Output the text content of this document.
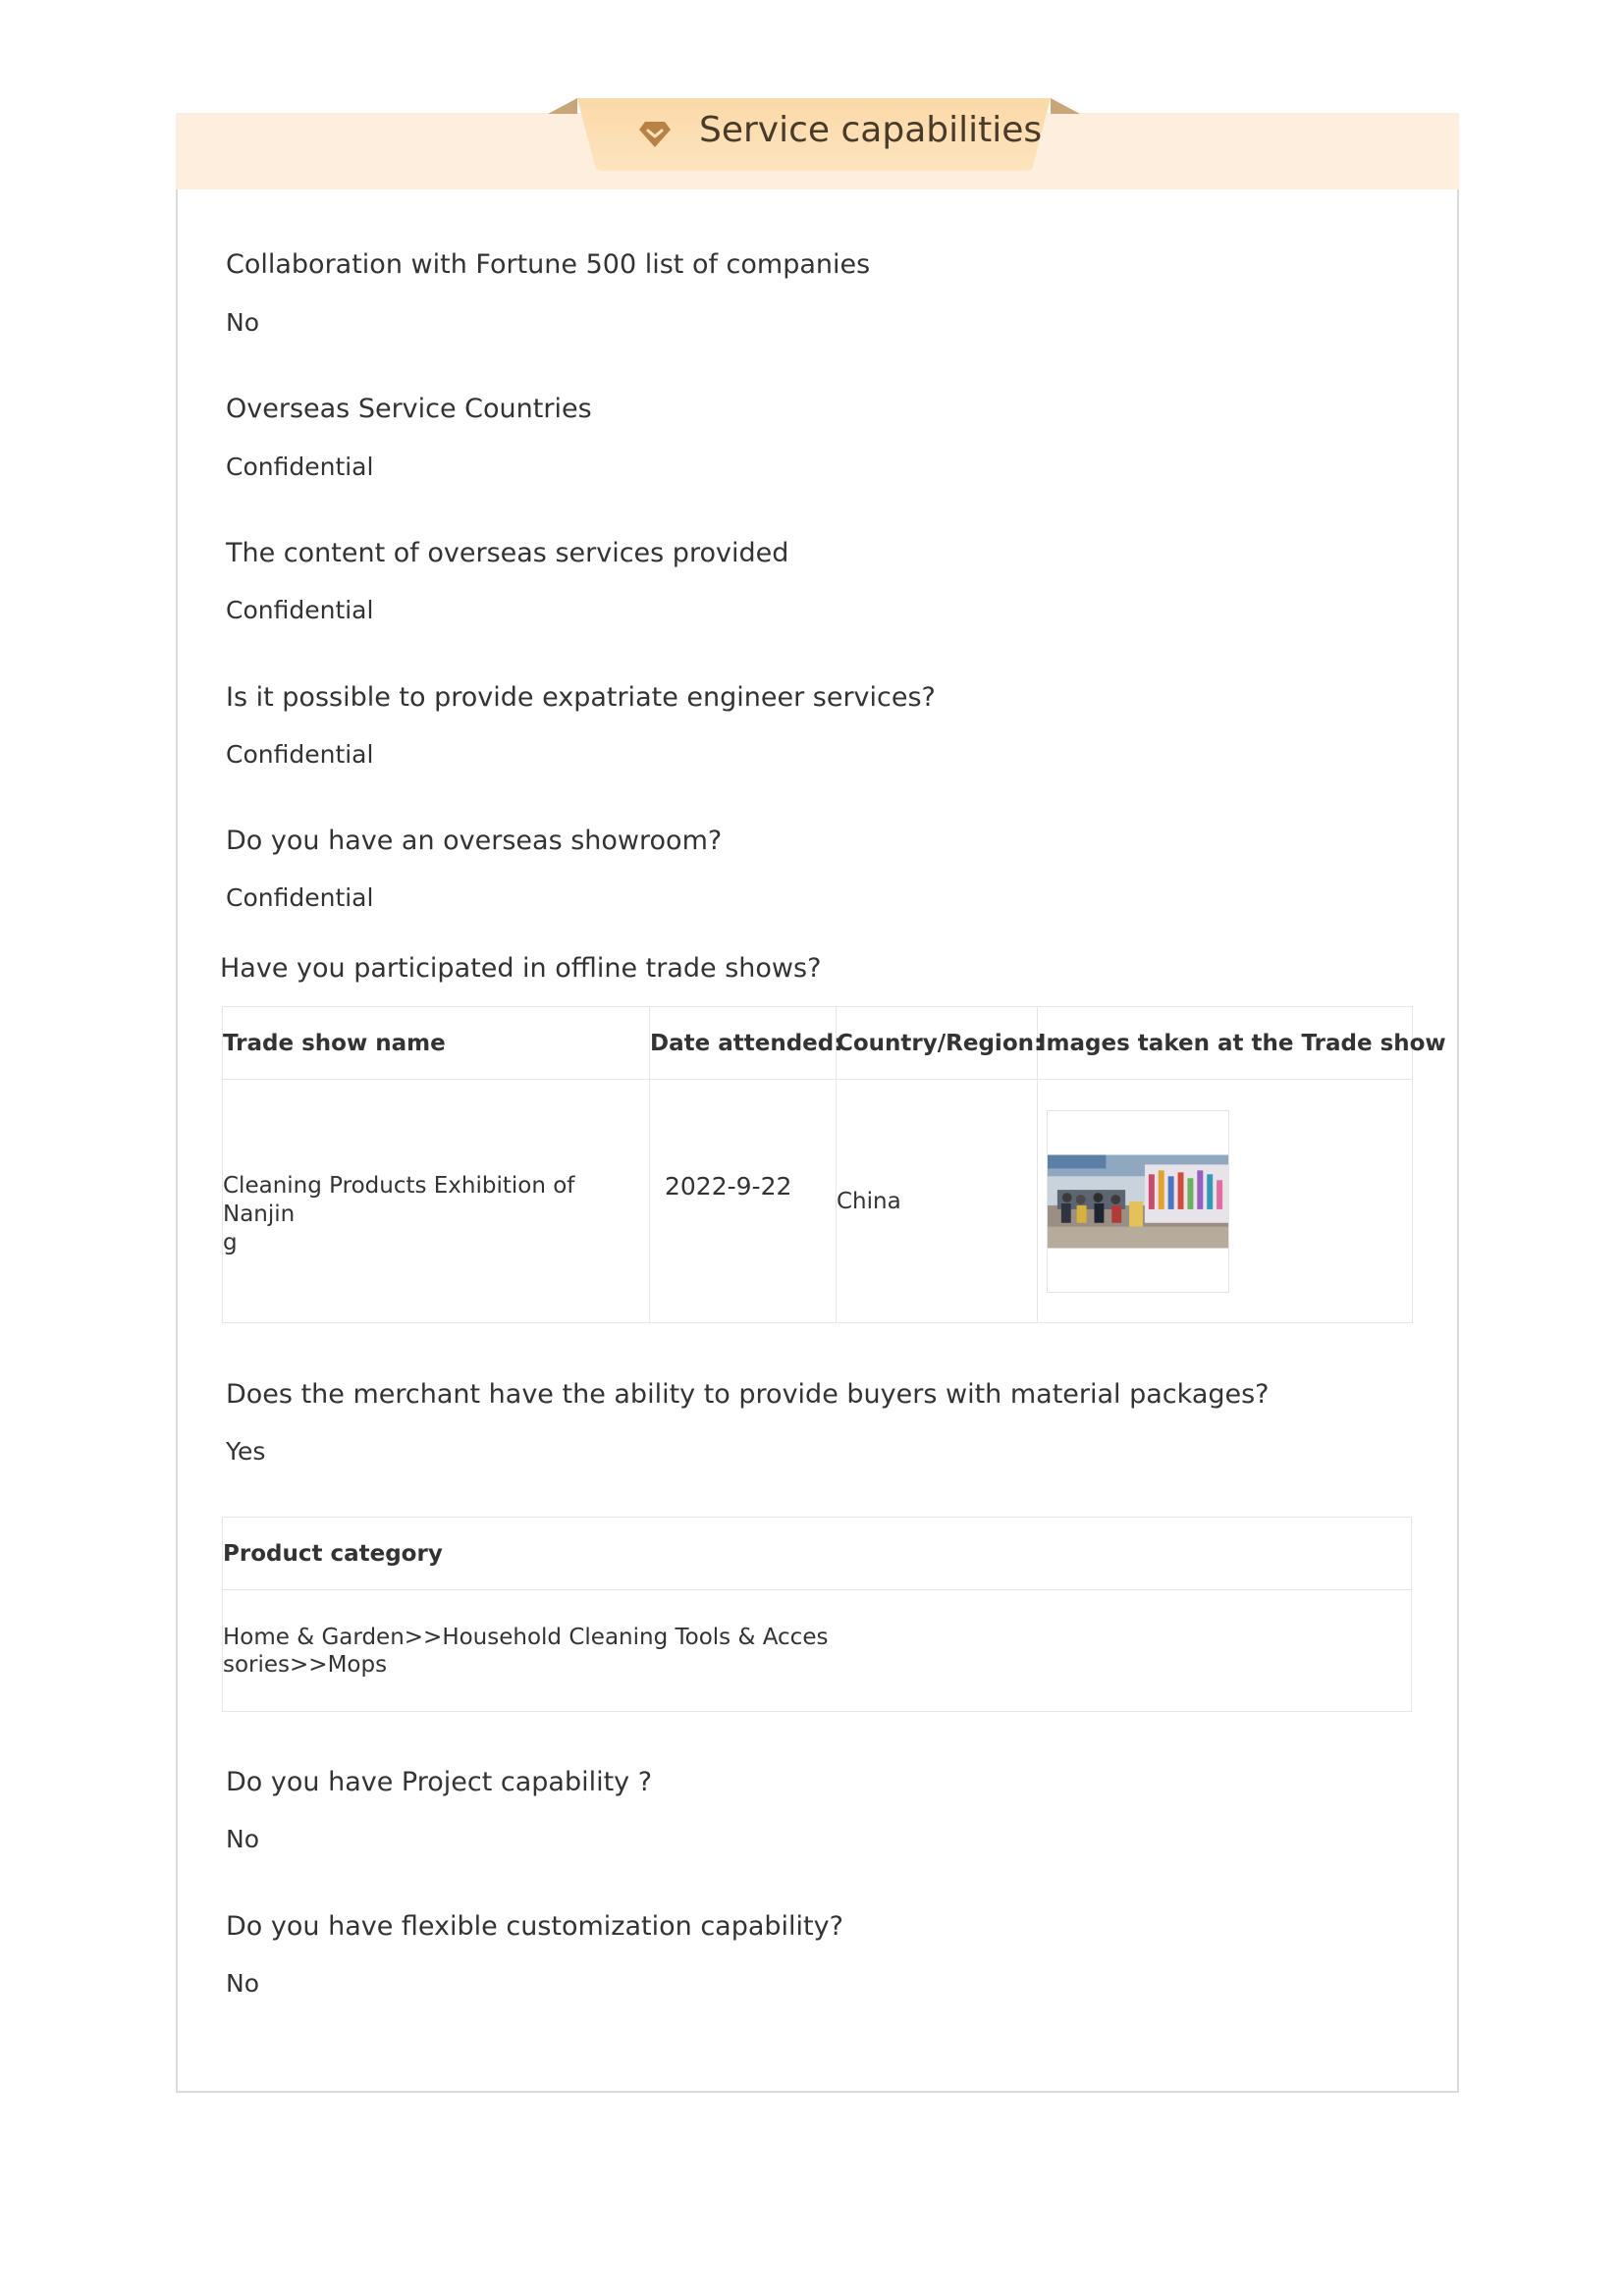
Service capabilities
Collaboration with Fortune 500 list of companies
No
Overseas Service Countries
Confidential
The content of overseas services provided
Confidential
Is it possible to provide expatriate engineer services?
Confidential
Do you have an overseas showroom?
Confidential
Have you participated in offline trade shows?
Trade show name	Date attended:	Country/Region:	Images taken at the Trade show

Cleaning Products Exhibition of Nanjin
g	2022-9-22	China	
Does the merchant have the ability to provide buyers with material packages?
Yes
Product category

Home & Garden>>Household Cleaning Tools & Acces
sories>>Mops
Do you have Project capability ?
No
Do you have flexible customization capability?
No
